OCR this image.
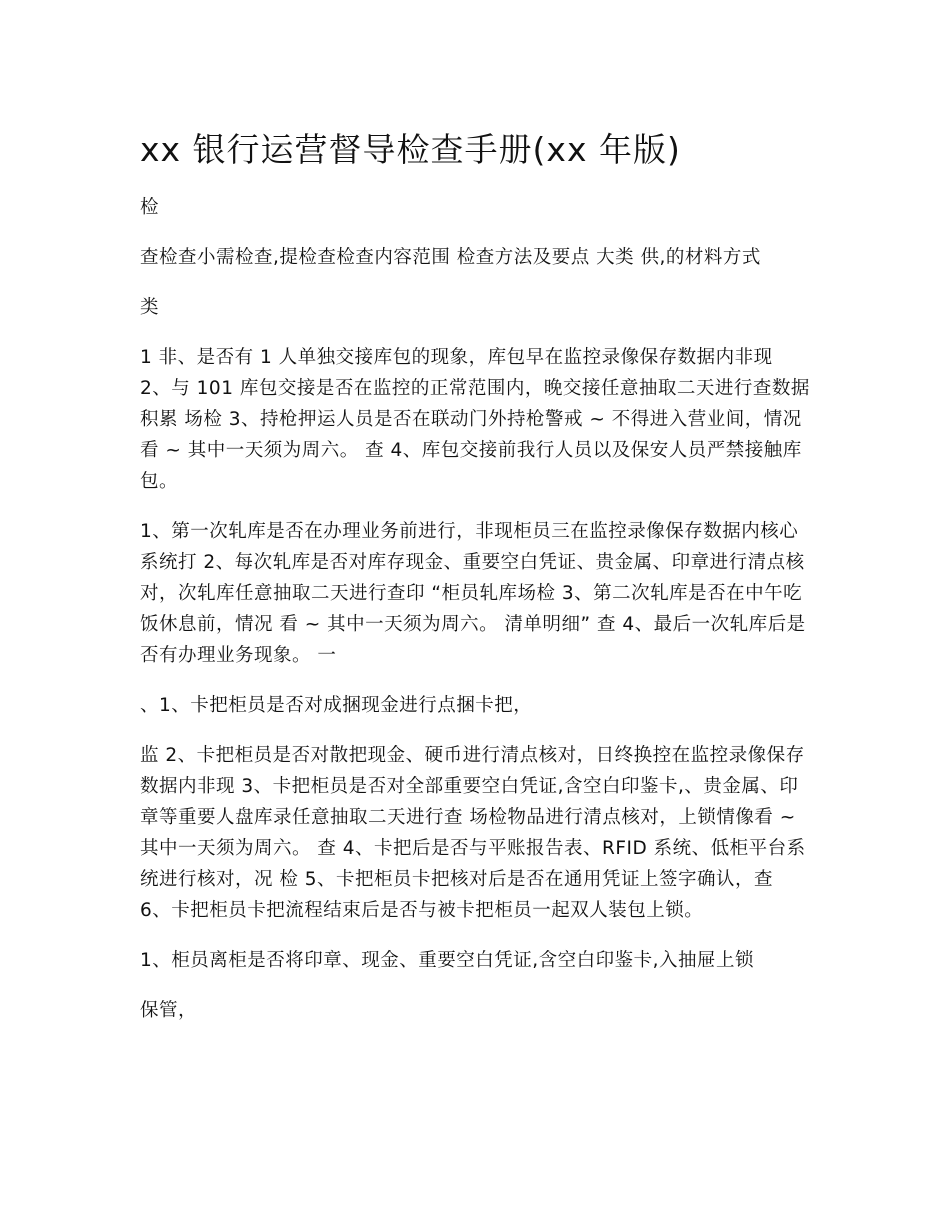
xx 银行运营督导检查手册(xx 年版)

检

查检查小需检查,提检查检查内容范围 检查方法及要点 大类 供,的材料方式

类

1 非、是否有 1 人单独交接库包的现象，库包早在监控录像保存数据内非现 2、与 101 库包交接是否在监控的正常范围内，晚交接任意抽取二天进行查数据积累 场检 3、持枪押运人员是否在联动门外持枪警戒 ~ 不得进入营业间，情况 看 ~ 其中一天须为周六。 查 4、库包交接前我行人员以及保安人员严禁接触库包。

1、第一次轧库是否在办理业务前进行，非现柜员三在监控录像保存数据内核心系统打 2、每次轧库是否对库存现金、重要空白凭证、贵金属、印章进行清点核对，次轧库任意抽取二天进行查印 “柜员轧库场检 3、第二次轧库是否在中午吃饭休息前，情况 看 ~ 其中一天须为周六。 清单明细” 查 4、最后一次轧库后是否有办理业务现象。 一

、1、卡把柜员是否对成捆现金进行点捆卡把，

监 2、卡把柜员是否对散把现金、硬币进行清点核对，日终换控在监控录像保存数据内非现 3、卡把柜员是否对全部重要空白凭证,含空白印鉴卡,、贵金属、印章等重要人盘库录任意抽取二天进行查 场检物品进行清点核对，上锁情像看 ~ 其中一天须为周六。 查 4、卡把后是否与平账报告表、RFID 系统、低柜平台系统进行核对，况 检 5、卡把柜员卡把核对后是否在通用凭证上签字确认，查 6、卡把柜员卡把流程结束后是否与被卡把柜员一起双人装包上锁。

1、柜员离柜是否将印章、现金、重要空白凭证,含空白印鉴卡,入抽屉上锁

保管，
